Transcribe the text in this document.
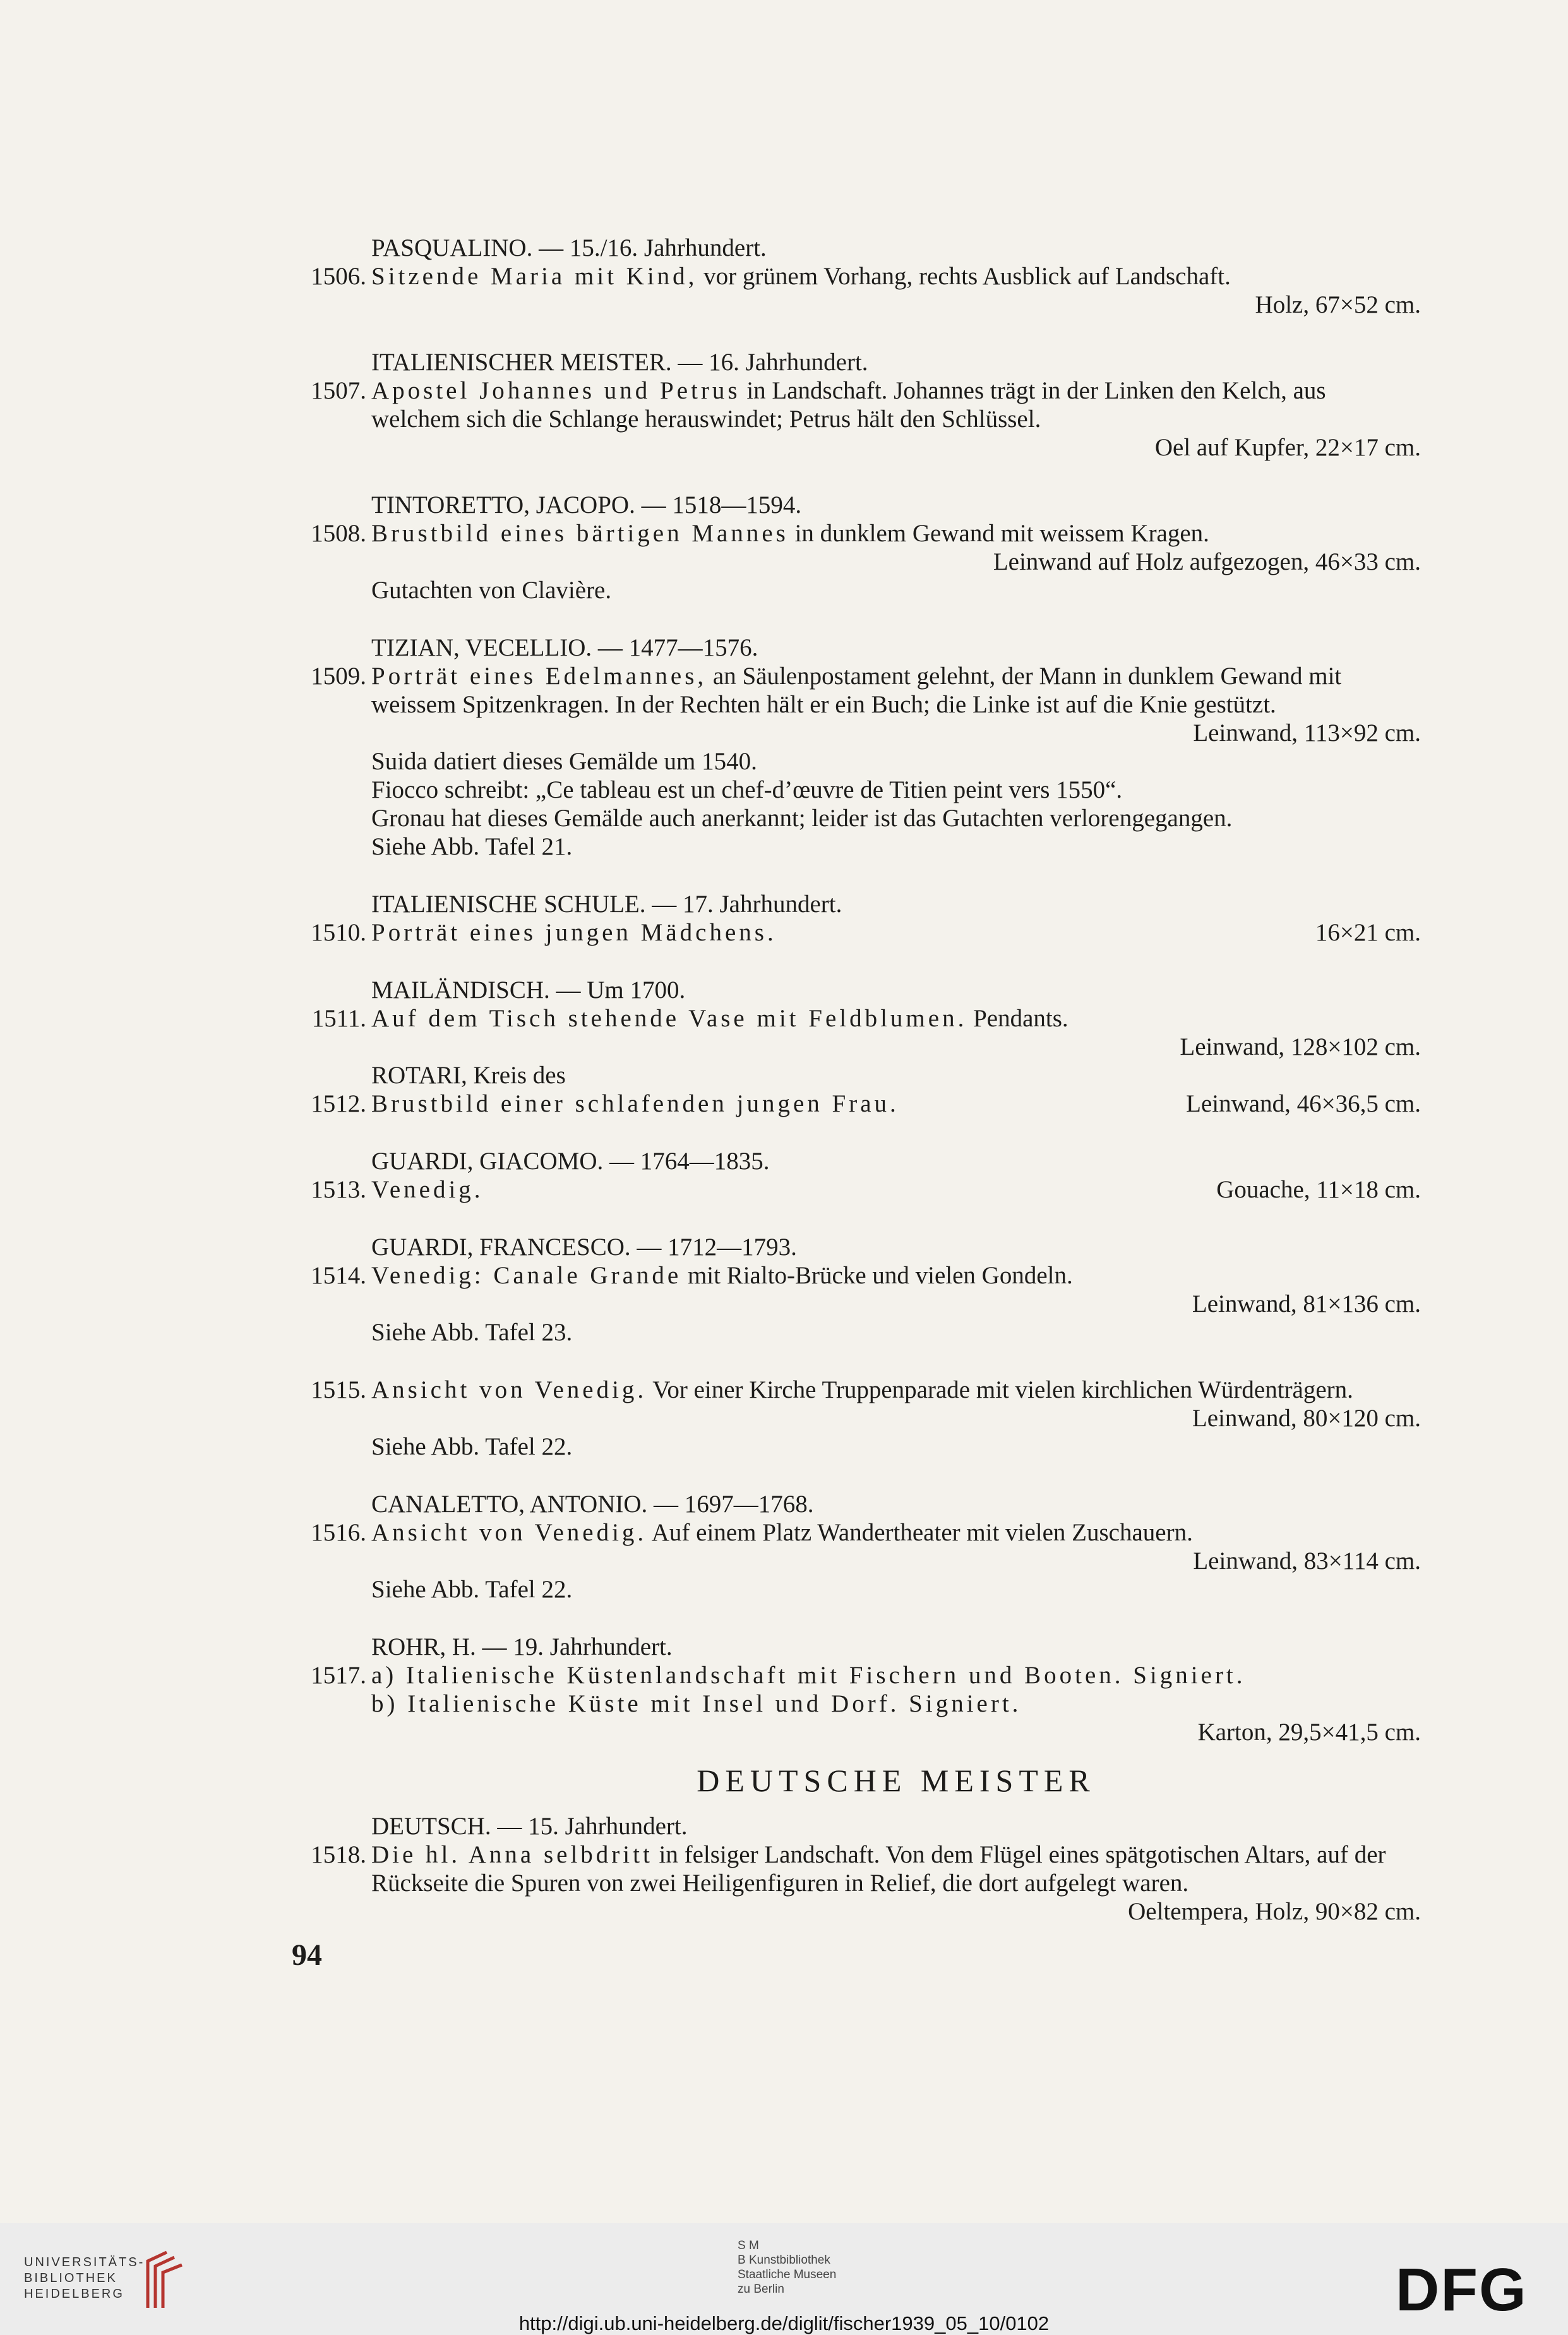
PASQUALINO. — 15./16. Jahrhundert.
1506. Sitzende Maria mit Kind, vor grünem Vorhang, rechts Ausblick auf Landschaft.
Holz, 67×52 cm.
ITALIENISCHER MEISTER. — 16. Jahrhundert.
1507. Apostel Johannes und Petrus in Landschaft. Johannes trägt in der Linken den Kelch, aus welchem sich die Schlange herauswindet; Petrus hält den Schlüssel.
Oel auf Kupfer, 22×17 cm.
TINTORETTO, JACOPO. — 1518—1594.
1508. Brustbild eines bärtigen Mannes in dunklem Gewand mit weissem Kragen.
Leinwand auf Holz aufgezogen, 46×33 cm.
Gutachten von Clavière.
TIZIAN, VECELLIO. — 1477—1576.
1509. Porträt eines Edelmannes, an Säulenpostament gelehnt, der Mann in dunklem Gewand mit weissem Spitzenkragen. In der Rechten hält er ein Buch; die Linke ist auf die Knie gestützt.
Leinwand, 113×92 cm.
Suida datiert dieses Gemälde um 1540.
Fiocco schreibt: „Ce tableau est un chef-d’œuvre de Titien peint vers 1550“.
Gronau hat dieses Gemälde auch anerkannt; leider ist das Gutachten verlorengegangen.
Siehe Abb. Tafel 21.
ITALIENISCHE SCHULE. — 17. Jahrhundert.
1510. Porträt eines jungen Mädchens.	16×21 cm.
MAILÄNDISCH. — Um 1700.
1511. Auf dem Tisch stehende Vase mit Feldblumen. Pendants.
Leinwand, 128×102 cm.
ROTARI, Kreis des
1512. Brustbild einer schlafenden jungen Frau.	Leinwand, 46×36,5 cm.
GUARDI, GIACOMO. — 1764—1835.
1513. Venedig.	Gouache, 11×18 cm.
GUARDI, FRANCESCO. — 1712—1793.
1514. Venedig: Canale Grande mit Rialto-Brücke und vielen Gondeln.
Leinwand, 81×136 cm.
Siehe Abb. Tafel 23.
1515. Ansicht von Venedig. Vor einer Kirche Truppenparade mit vielen kirchlichen Würdenträgern.
Leinwand, 80×120 cm.
Siehe Abb. Tafel 22.
CANALETTO, ANTONIO. — 1697—1768.
1516. Ansicht von Venedig. Auf einem Platz Wandertheater mit vielen Zuschauern.
Leinwand, 83×114 cm.
Siehe Abb. Tafel 22.
ROHR, H. — 19. Jahrhundert.
1517. a) Italienische Küstenlandschaft mit Fischern und Booten. Signiert.
b) Italienische Küste mit Insel und Dorf. Signiert.
Karton, 29,5×41,5 cm.
DEUTSCHE MEISTER
DEUTSCH. — 15. Jahrhundert.
1518. Die hl. Anna selbdritt in felsiger Landschaft. Von dem Flügel eines spätgotischen Altars, auf der Rückseite die Spuren von zwei Heiligenfiguren in Relief, die dort aufgelegt waren.
Oeltempera, Holz, 90×82 cm.
94
UNIVERSITÄTS-
BIBLIOTHEK
HEIDELBERG
S M
B Kunstbibliothek
Staatliche Museen
zu Berlin	DFG
http://digi.ub.uni-heidelberg.de/diglit/fischer1939_05_10/0102
